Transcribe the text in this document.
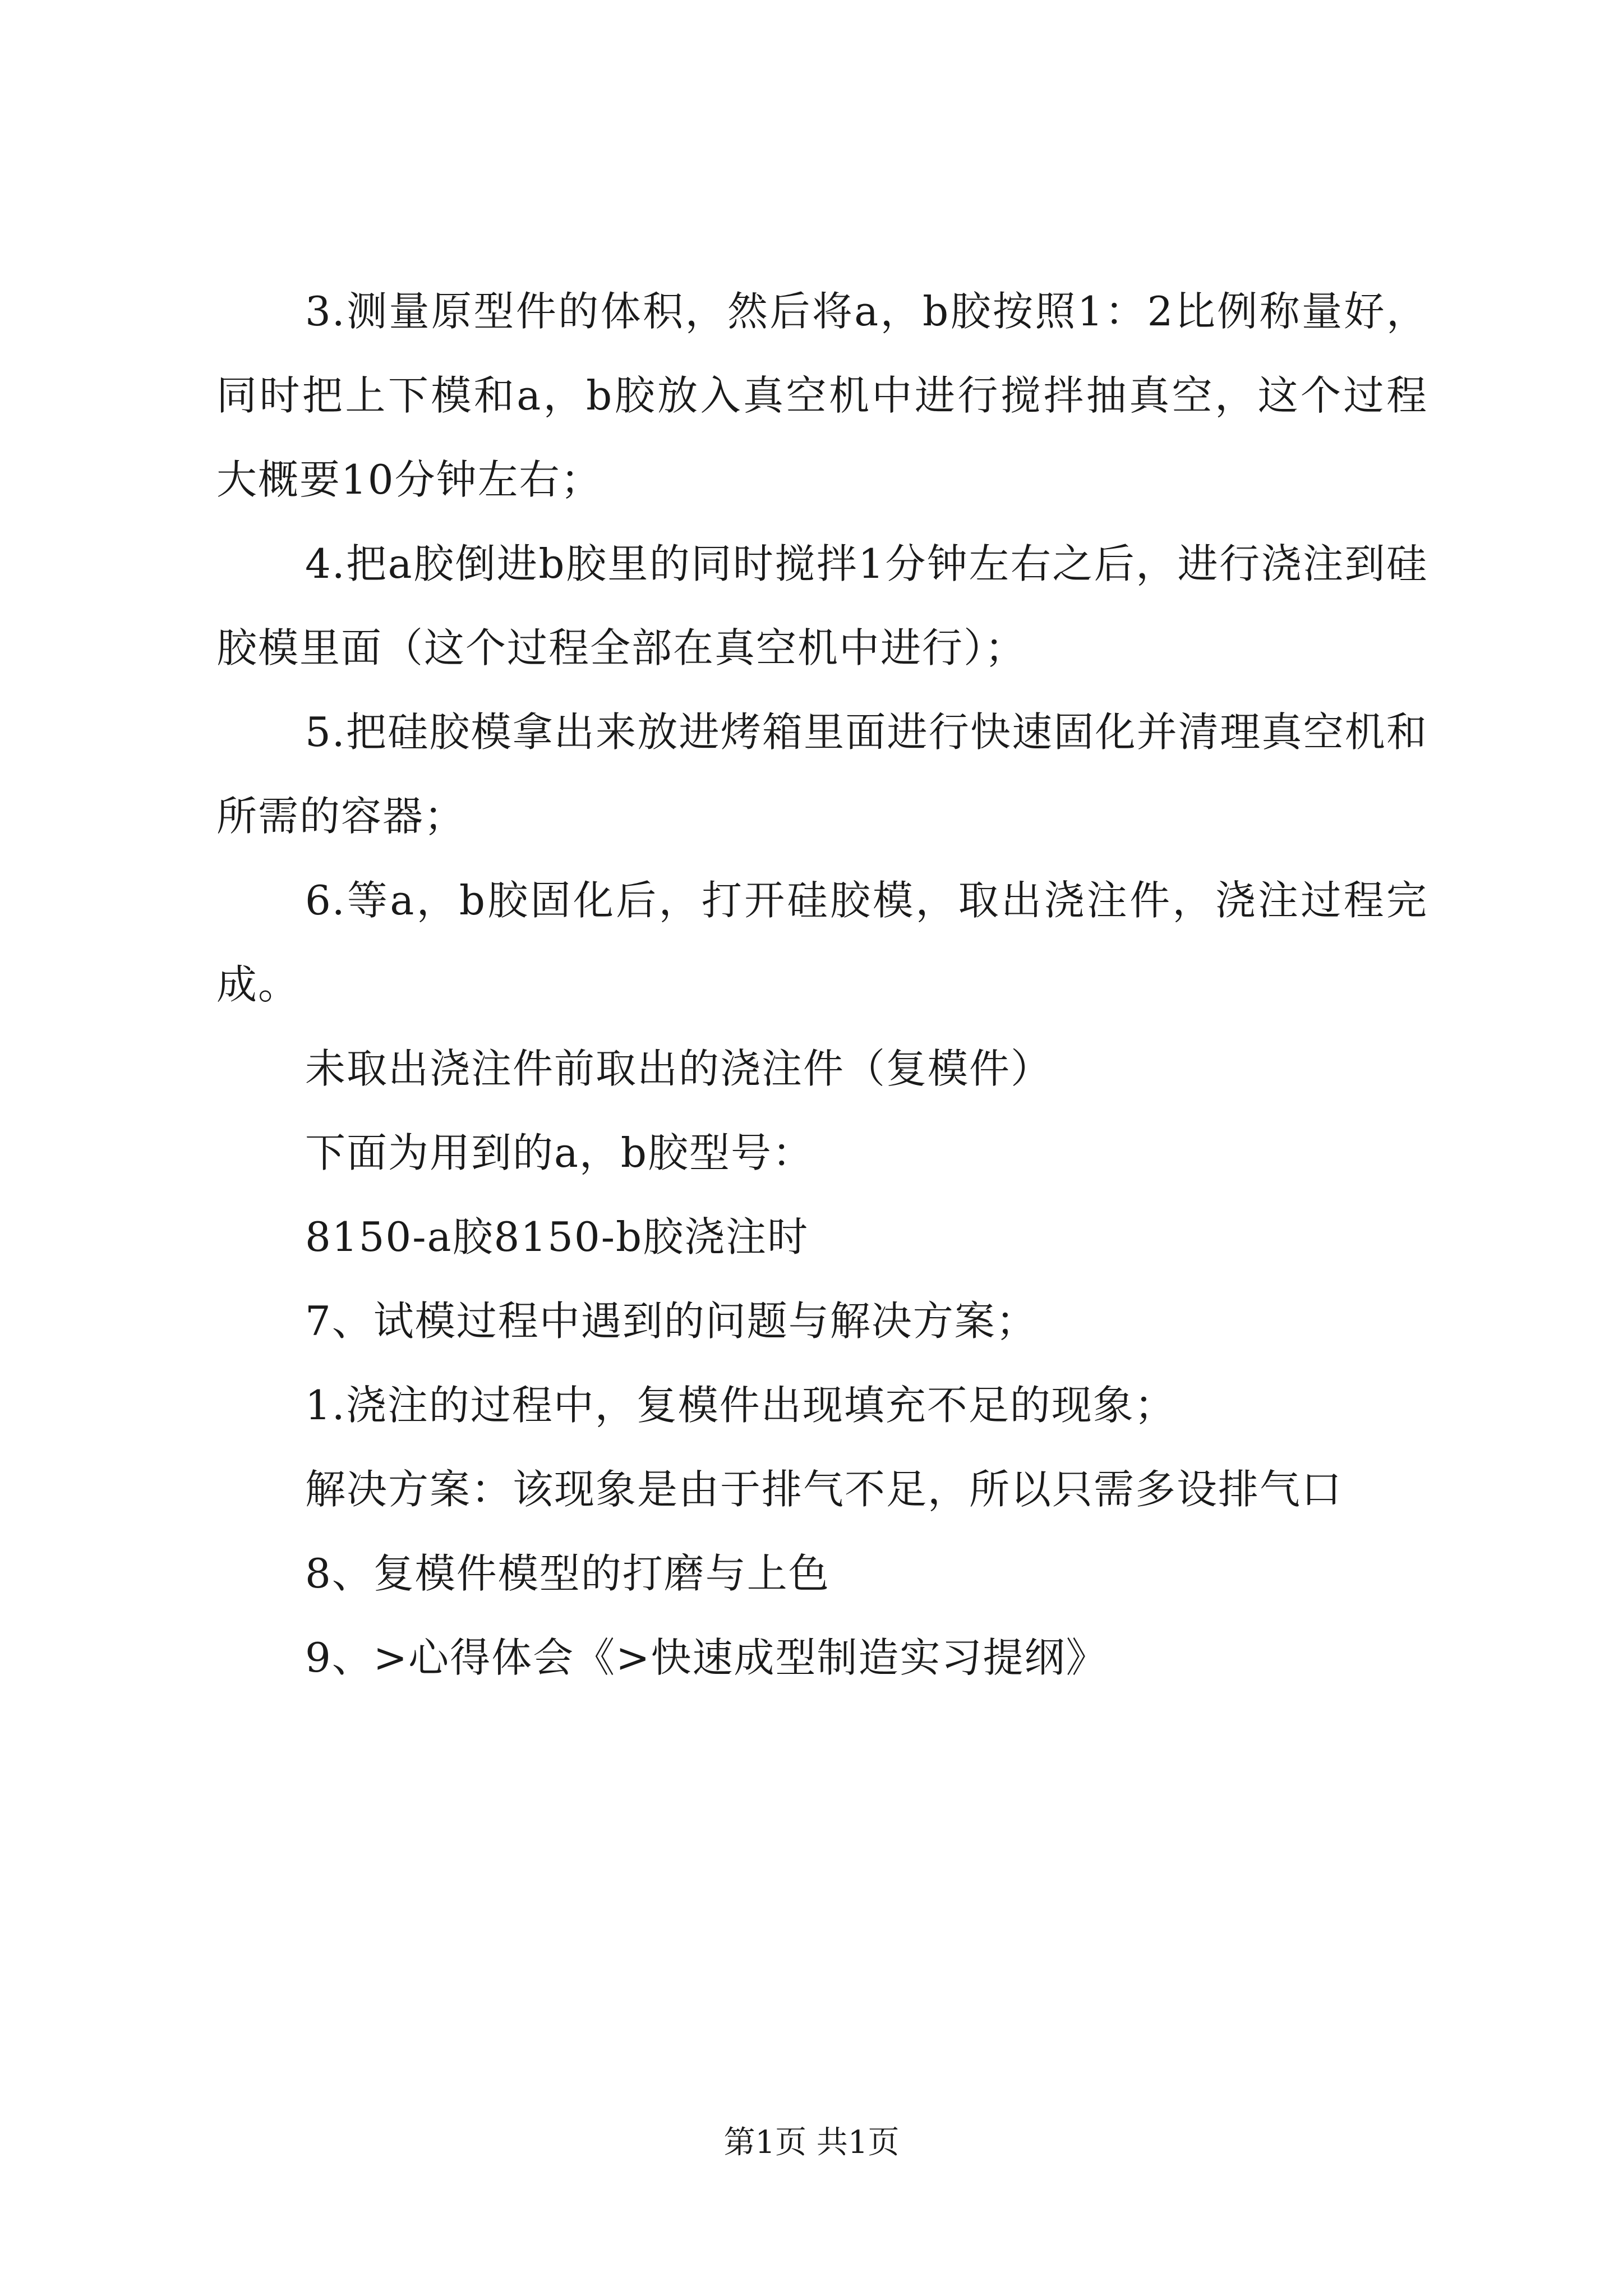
3.测量原型件的体积，然后将a，b胶按照1：2比例称量好，同时把上下模和a，b胶放入真空机中进行搅拌抽真空，这个过程大概要10分钟左右；

4.把a胶倒进b胶里的同时搅拌1分钟左右之后，进行浇注到硅胶模里面（这个过程全部在真空机中进行）；

5.把硅胶模拿出来放进烤箱里面进行快速固化并清理真空机和所需的容器；

6.等a，b胶固化后，打开硅胶模，取出浇注件，浇注过程完成。

未取出浇注件前取出的浇注件（复模件）

下面为用到的a，b胶型号：

8150-a胶8150-b胶浇注时

7、试模过程中遇到的问题与解决方案；

1.浇注的过程中，复模件出现填充不足的现象；

解决方案：该现象是由于排气不足，所以只需多设排气口

8、复模件模型的打磨与上色

9、>心得体会《>快速成型制造实习提纲》

第1页 共1页
